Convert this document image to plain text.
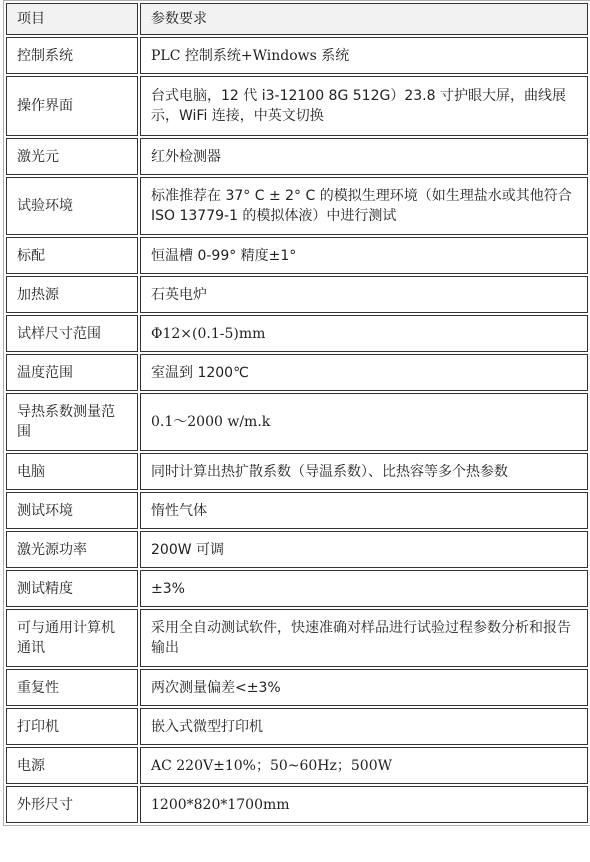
项目	参数要求
控制系统	PLC 控制系统+Windows 系统
操作界面	台式电脑，12 代 i3-12100 8G 512G）23.8 寸护眼大屏，曲线展示，WiFi 连接，中英文切换
激光元	红外检测器
试验环境	标准推荐在 37° C ± 2° C 的模拟生理环境（如生理盐水或其他符合 ISO 13779-1 的模拟体液）中进行测试
标配	恒温槽 0-99° 精度±1°
加热源	石英电炉
试样尺寸范围	Φ12×(0.1-5)mm
温度范围	室温到 1200℃
导热系数测量范围	0.1～2000 w/m.k
电脑	同时计算出热扩散系数（导温系数）、比热容等多个热参数
测试环境	惰性气体
激光源功率	200W 可调
测试精度	±3%
可与通用计算机通讯	采用全自动测试软件，快速准确对样品进行试验过程参数分析和报告输出
重复性	两次测量偏差<±3%
打印机	嵌入式微型打印机
电源	AC 220V±10%；50~60Hz；500W
外形尺寸	1200*820*1700mm
